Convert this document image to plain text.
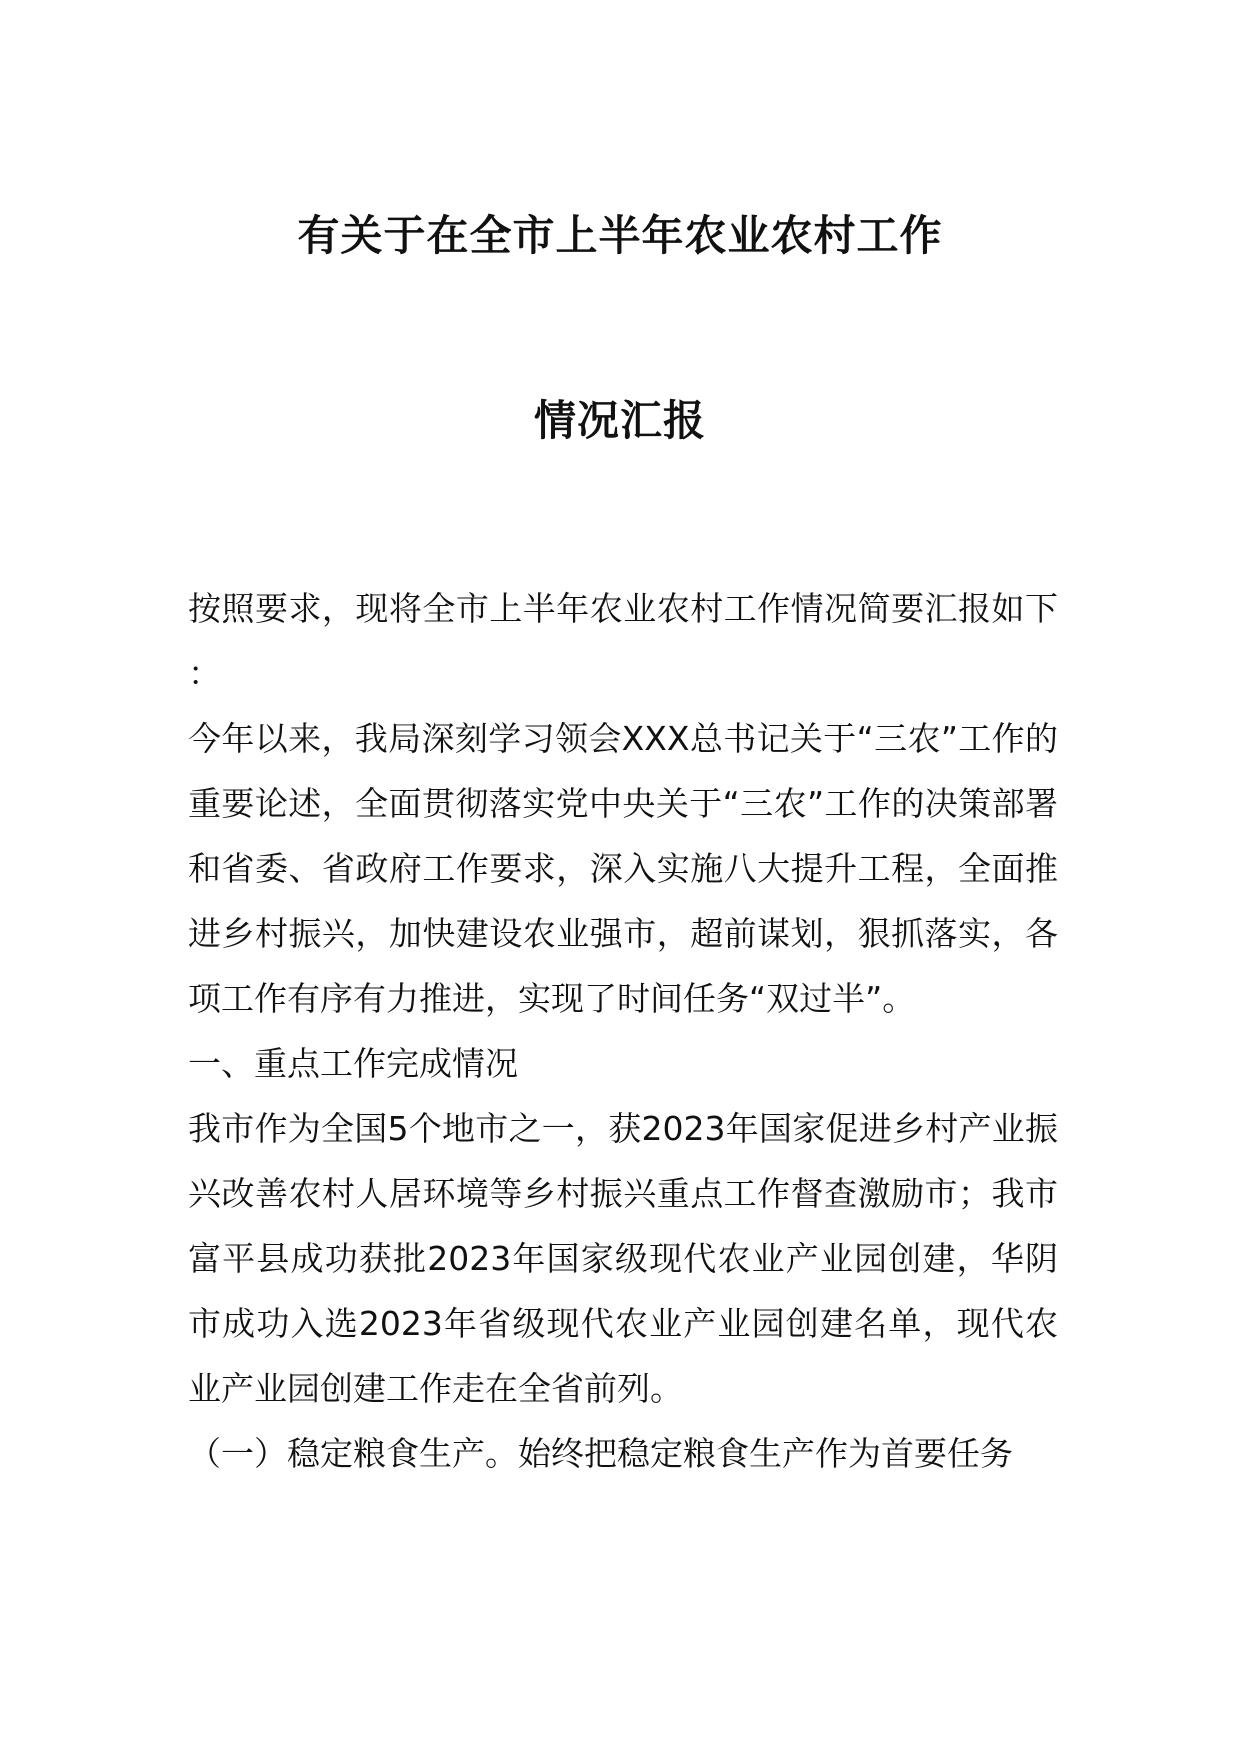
有关于在全市上半年农业农村工作
情况汇报

按照要求，现将全市上半年农业农村工作情况简要汇报如下：

今年以来，我局深刻学习领会XXX总书记关于“三农”工作的重要论述，全面贯彻落实党中央关于“三农”工作的决策部署和省委、省政府工作要求，深入实施八大提升工程，全面推进乡村振兴，加快建设农业强市，超前谋划，狠抓落实，各项工作有序有力推进，实现了时间任务“双过半”。

一、重点工作完成情况

我市作为全国5个地市之一，获2023年国家促进乡村产业振兴改善农村人居环境等乡村振兴重点工作督查激励市；我市富平县成功获批2023年国家级现代农业产业园创建，华阴市成功入选2023年省级现代农业产业园创建名单，现代农业产业园创建工作走在全省前列。

（一）稳定粮食生产。始终把稳定粮食生产作为首要任务
